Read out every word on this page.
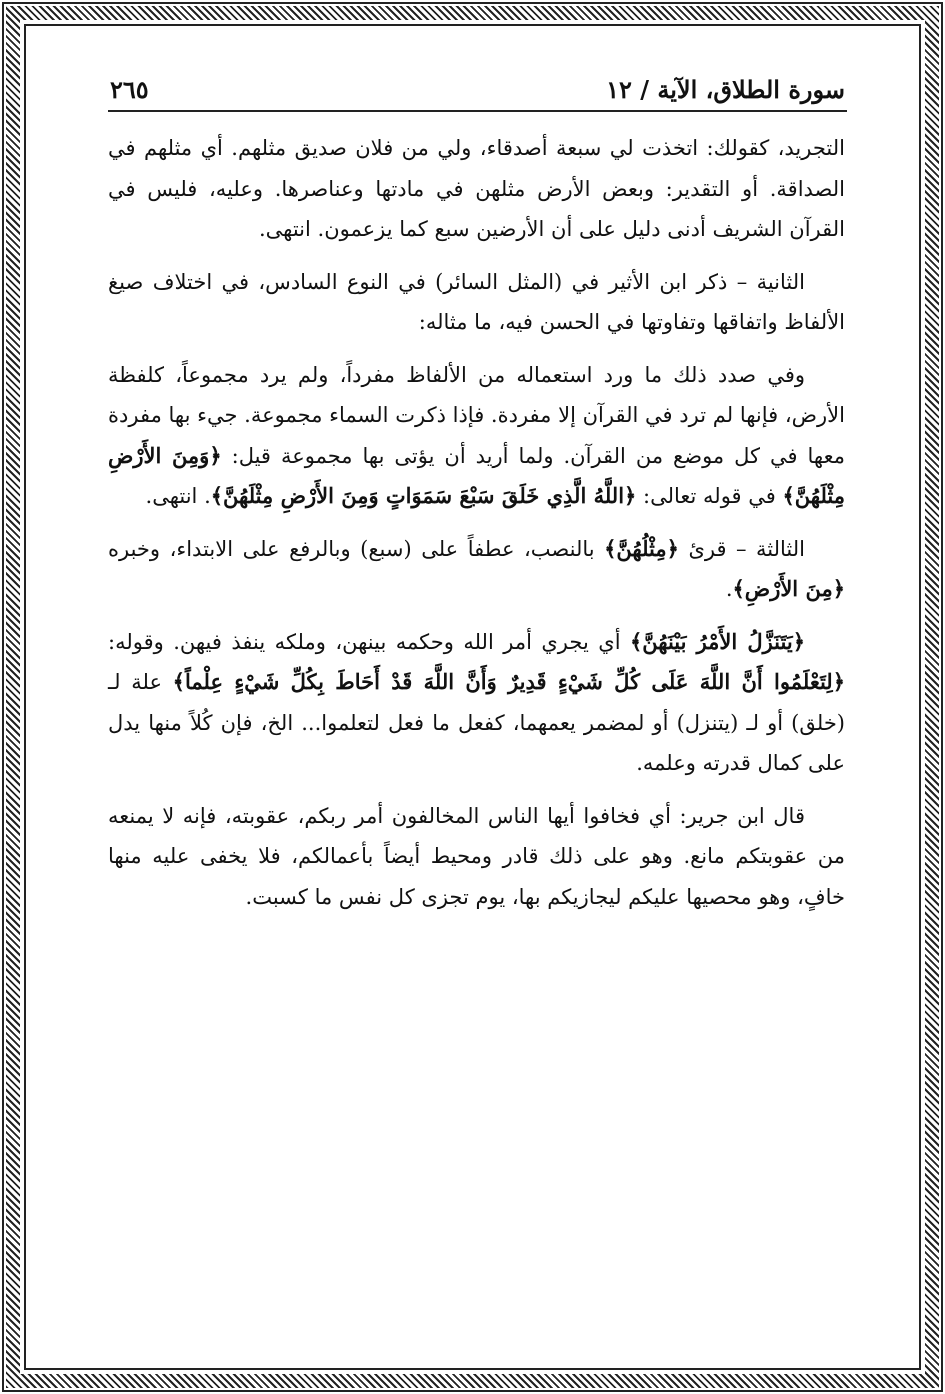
سورة الطلاق، الآية / ١٢
٢٦٥

التجريد، كقولك: اتخذت لي سبعة أصدقاء، ولي من فلان صديق مثلهم. أي مثلهم في الصداقة. أو التقدير: وبعض الأرض مثلهن في مادتها وعناصرها. وعليه، فليس في القرآن الشريف أدنى دليل على أن الأرضين سبع كما يزعمون. انتهى.

الثانية – ذكر ابن الأثير في (المثل السائر) في النوع السادس، في اختلاف صيغ الألفاظ واتفاقها وتفاوتها في الحسن فيه، ما مثاله:

وفي صدد ذلك ما ورد استعماله من الألفاظ مفرداً، ولم يرد مجموعاً، كلفظة الأرض، فإنها لم ترد في القرآن إلا مفردة. فإذا ذكرت السماء مجموعة. جيء بها مفردة معها في كل موضع من القرآن. ولما أريد أن يؤتى بها مجموعة قيل: ﴿وَمِنَ الأَرْضِ مِثْلَهُنَّ﴾ في قوله تعالى: ﴿اللَّهُ الَّذِي خَلَقَ سَبْعَ سَمَوَاتٍ وَمِنَ الأَرْضِ مِثْلَهُنَّ﴾. انتهى.

الثالثة – قرئ ﴿مِثْلُهُنَّ﴾ بالنصب، عطفاً على (سبع) وبالرفع على الابتداء، وخبره ﴿مِنَ الأَرْضِ﴾.

﴿يَتَنَزَّلُ الأَمْرُ بَيْنَهُنَّ﴾ أي يجري أمر الله وحكمه بينهن، وملكه ينفذ فيهن. وقوله: ﴿لِتَعْلَمُوا أَنَّ اللَّهَ عَلَى كُلِّ شَيْءٍ قَدِيرٌ وَأَنَّ اللَّهَ قَدْ أَحَاطَ بِكُلِّ شَيْءٍ عِلْماً﴾ علة لـ (خلق) أو لـ (يتنزل) أو لمضمر يعمهما، كفعل ما فعل لتعلموا... الخ، فإن كُلاً منها يدل على كمال قدرته وعلمه.

قال ابن جرير: أي فخافوا أيها الناس المخالفون أمر ربكم، عقوبته، فإنه لا يمنعه من عقوبتكم مانع. وهو على ذلك قادر ومحيط أيضاً بأعمالكم، فلا يخفى عليه منها خافٍ، وهو محصيها عليكم ليجازيكم بها، يوم تجزى كل نفس ما كسبت.
